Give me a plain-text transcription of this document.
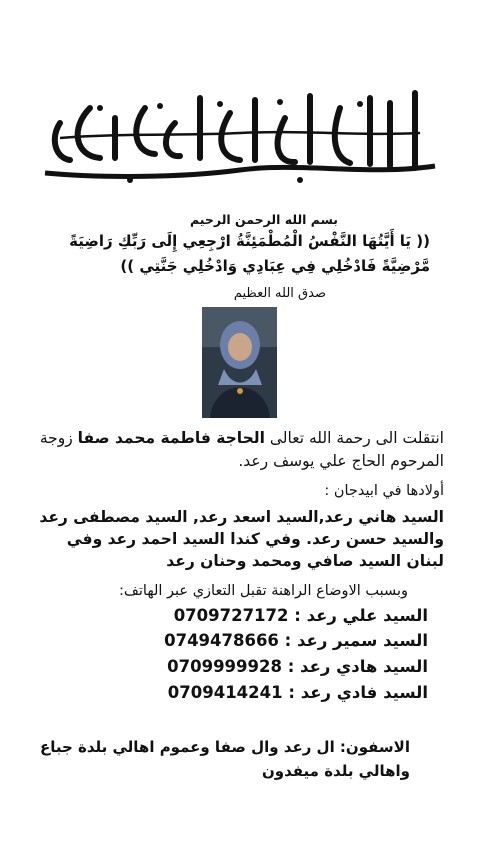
بسم الله الرحمن الرحيم
(( يَا أَيَّتُهَا النَّفْسُ الْمُطْمَئِنَّةُ ارْجِعِي إِلَى رَبِّكِ رَاضِيَةً
مَّرْضِيَّةً فَادْخُلِي فِي عِبَادِي وَادْخُلِي جَنَّتِي ))
صدق الله العظيم
انتقلت الى رحمة الله تعالى الحاجة فاطمة محمد صفا زوجة المرحوم الحاج علي يوسف رعد.
أولادها في ابيدجان :
السيد هاني رعد,السيد اسعد رعد, السيد مصطفى رعد والسيد حسن رعد. وفي كندا السيد احمد رعد وفي لبنان السيد صافي ومحمد وحنان رعد
وبسبب الاوضاع الراهنة تقبل التعازي عبر الهاتف:
السيد علي رعد : 0709727172
السيد سمير رعد : 0749478666
السيد هادي رعد : 0709999928
السيد فادي رعد : 0709414241
الاسفون: ال رعد وال صفا وعموم اهالي بلدة جباع
واهالي بلدة ميفدون
